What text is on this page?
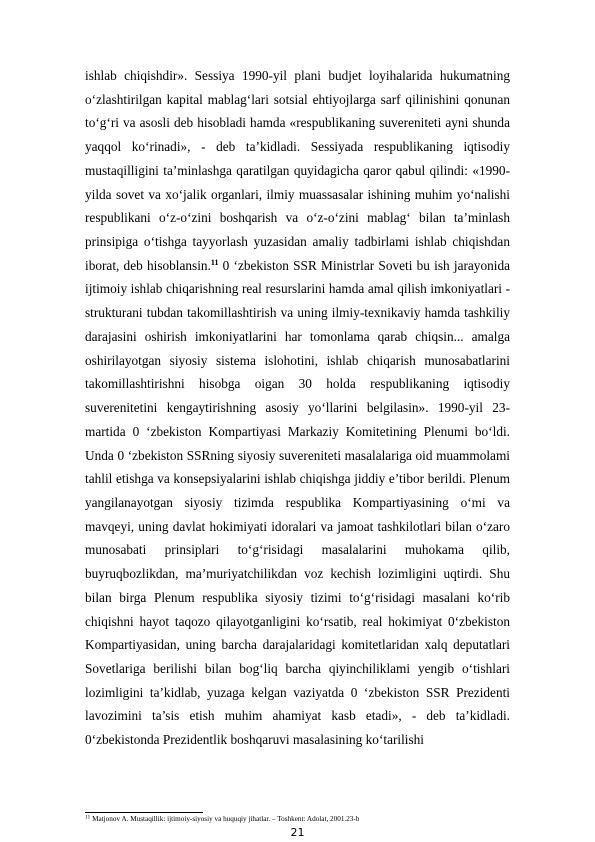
ishlab chiqishdir». Sessiya 1990-yil plani budjet loyihalarida hukumatning o‘zlashtirilgan kapital mablag‘lari sotsial ehtiyojlarga sarf qilinishini qonunan to‘g‘ri va asosli deb hisobladi hamda «respublikaning suvereniteti ayni shunda yaqqol ko‘rinadi», - deb ta’kidladi. Sessiyada respublikaning iqtisodiy mustaqilligini ta’minlashga qaratilgan quyidagicha qaror qabul qilindi: «1990-yilda sovet va xo‘jalik organlari, ilmiy muassasalar ishining muhim yo‘nalishi respublikani o‘z-o‘zini boshqarish va o‘z-o‘zini mablag‘ bilan ta’minlash prinsipiga o‘tishga tayyorlash yuzasidan amaliy tadbirlami ishlab chiqishdan iborat, deb hisoblansin.$^{11}$ 0 ‘zbekiston SSR Ministrlar Soveti bu ish jarayonida ijtimoiy ishlab chiqarishning real resurslarini hamda amal qilish imkoniyatlari -strukturani tubdan takomillashtirish va uning ilmiy-texnikaviy hamda tashkiliy darajasini oshirish imkoniyatlarini har tomonlama qarab chiqsin... amalga oshirilayotgan siyosiy sistema islohotini, ishlab chiqarish munosabatlarini takomillashtirishni hisobga oigan 30 holda respublikaning iqtisodiy suverenitetini kengaytirishning asosiy yo‘llarini belgilasin». 1990-yil 23-martida 0 ‘zbekiston Kompartiyasi Markaziy Komitetining Plenumi bo‘ldi. Unda 0 ‘zbekiston SSRning siyosiy suvereniteti masalalariga oid muammolami tahlil etishga va konsepsiyalarini ishlab chiqishga jiddiy e’tibor berildi. Plenum yangilanayotgan siyosiy tizimda respublika Kompartiyasining o‘mi va mavqeyi, uning davlat hokimiyati idoralari va jamoat tashkilotlari bilan o‘zaro munosabati prinsiplari to‘g‘risidagi masalalarini muhokama qilib, buyruqbozlikdan, ma’muriyatchilikdan voz kechish lozimligini uqtirdi. Shu bilan birga Plenum respublika siyosiy tizimi to‘g‘risidagi masalani ko‘rib chiqishni hayot taqozo qilayotganligini ko‘rsatib, real hokimiyat 0‘zbekiston Kompartiyasidan, uning barcha darajalaridagi komitetlaridan xalq deputatlari Sovetlariga berilishi bilan bog‘liq barcha qiyinchiliklami yengib o‘tishlari lozimligini ta’kidlab, yuzaga kelgan vaziyatda 0 ‘zbekiston SSR Prezidenti lavozimini ta’sis etish muhim ahamiyat kasb etadi», - deb ta’kidladi. 0‘zbekistonda Prezidentlik boshqaruvi masalasining ko‘tarilishi

$^{11}$ Matjonov A. Mustaqillik: ijtimoiy-siyosiy va huquqiy jihatlar. – Toshkent: Adolat, 2001.23-b
21
